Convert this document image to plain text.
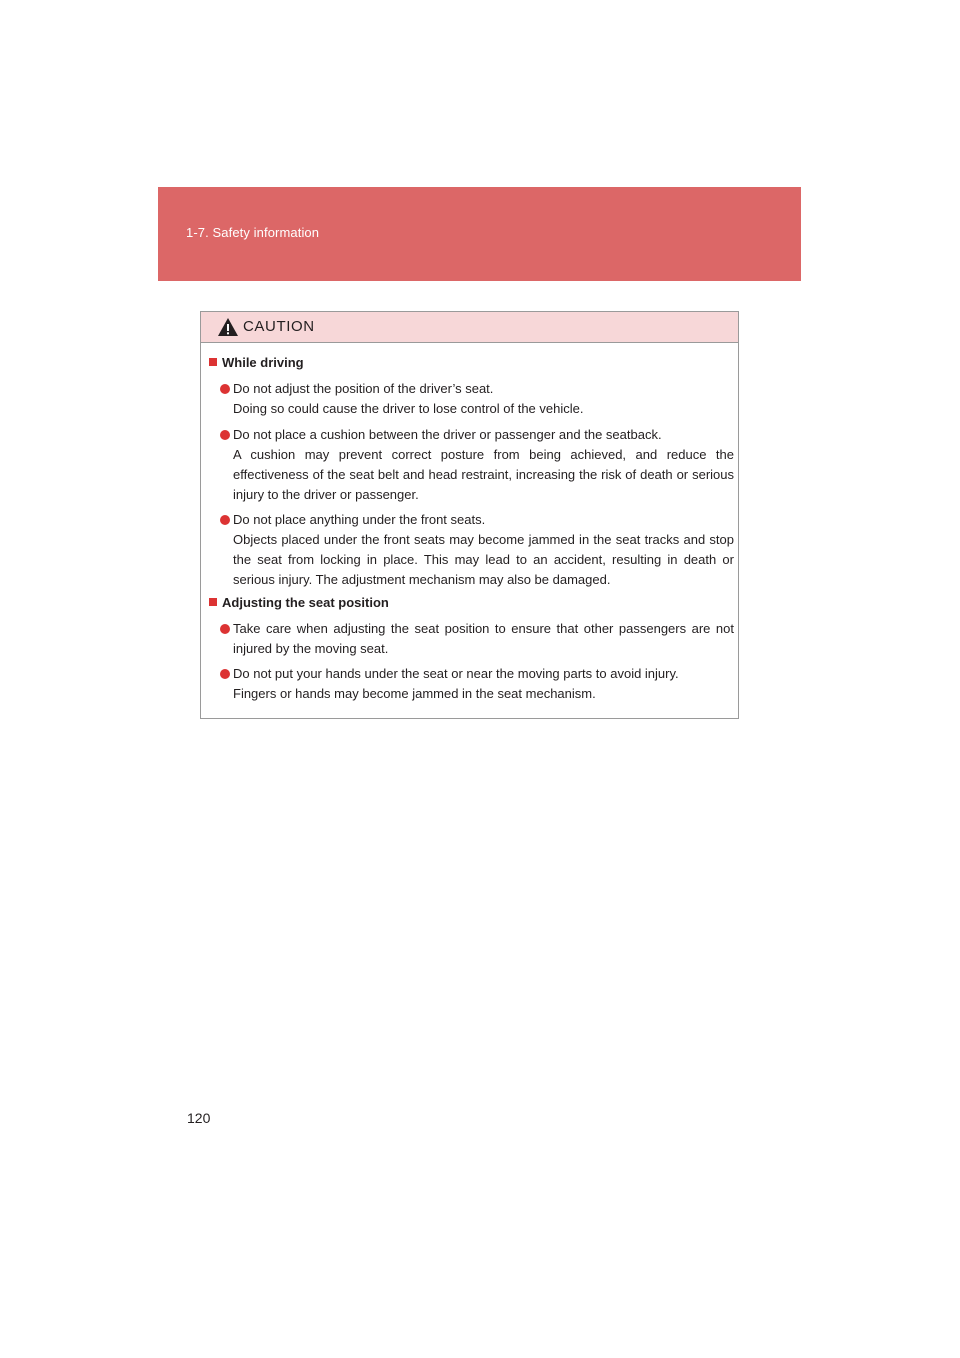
1-7. Safety information
CAUTION
While driving
Do not adjust the position of the driver’s seat.
Doing so could cause the driver to lose control of the vehicle.
Do not place a cushion between the driver or passenger and the seatback.
A cushion may prevent correct posture from being achieved, and reduce the effectiveness of the seat belt and head restraint, increasing the risk of death or serious injury to the driver or passenger.
Do not place anything under the front seats.
Objects placed under the front seats may become jammed in the seat tracks and stop the seat from locking in place. This may lead to an accident, resulting in death or serious injury. The adjustment mechanism may also be damaged.
Adjusting the seat position
Take care when adjusting the seat position to ensure that other passengers are not injured by the moving seat.
Do not put your hands under the seat or near the moving parts to avoid injury.
Fingers or hands may become jammed in the seat mechanism.
120
